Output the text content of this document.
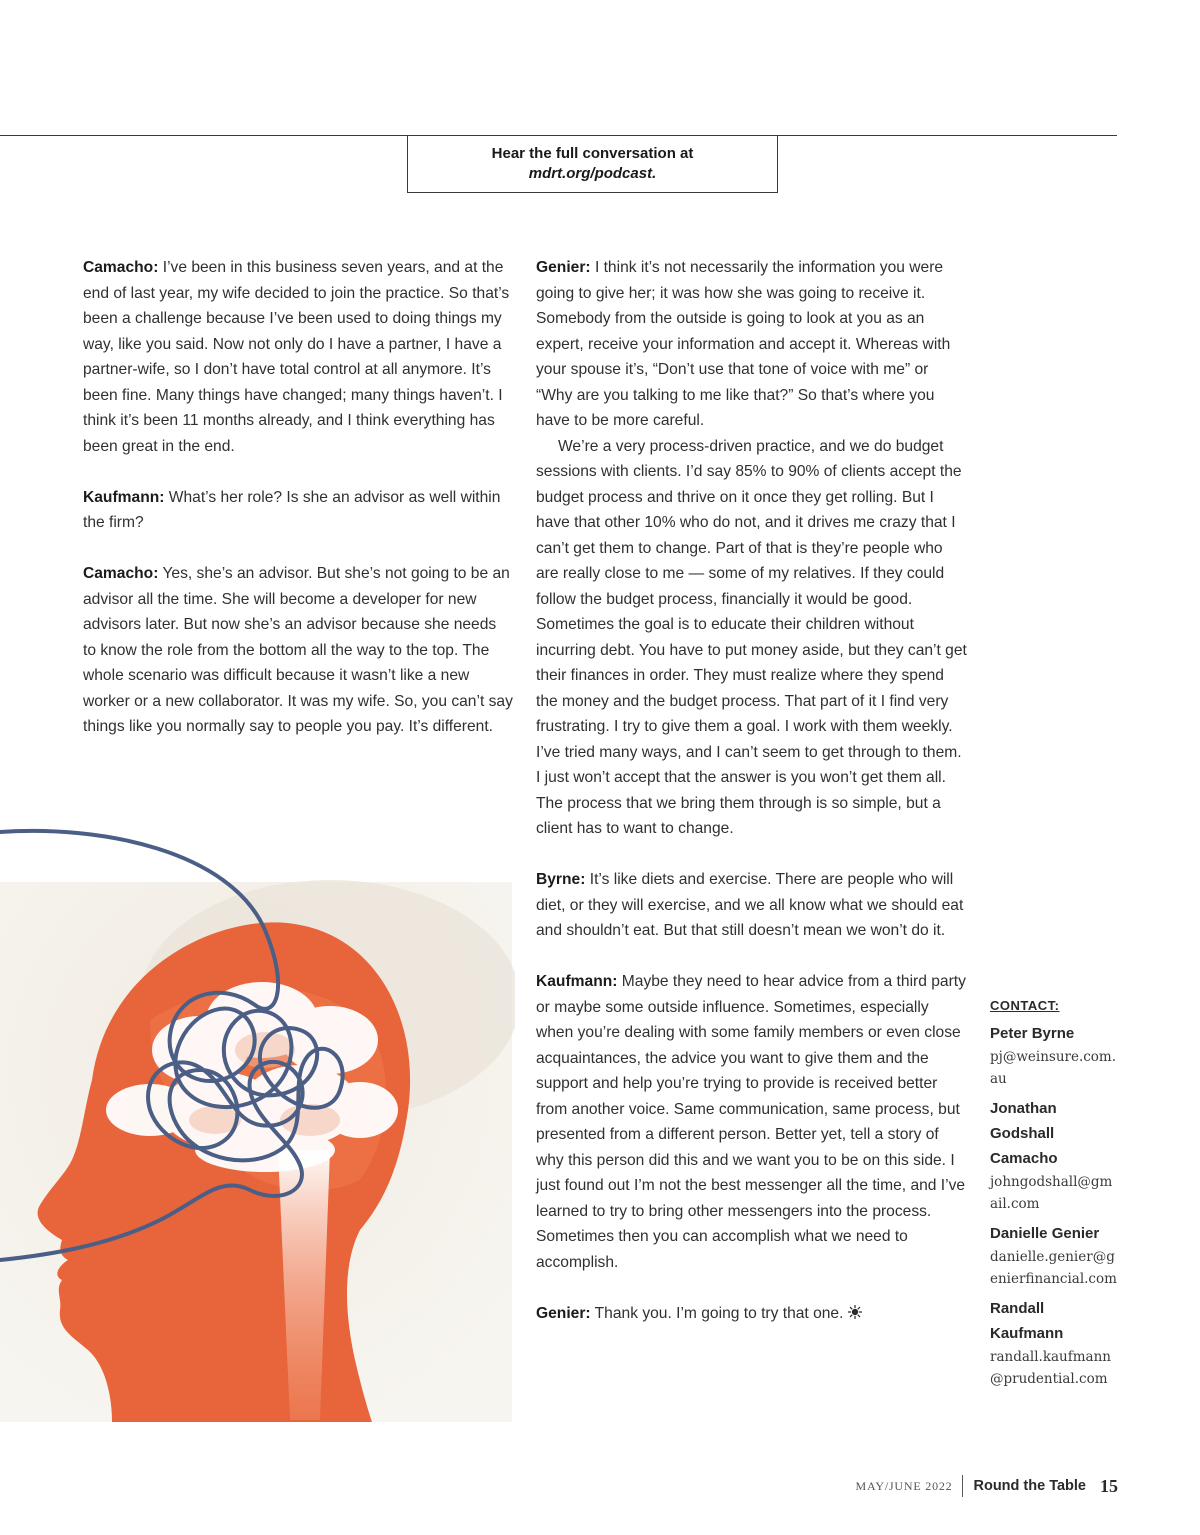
Hear the full conversation at
mdrt.org/podcast.

Camacho: I’ve been in this business seven years, and at the end of last year, my wife decided to join the practice. So that’s been a challenge because I’ve been used to doing things my way, like you said. Now not only do I have a partner, I have a partner-wife, so I don’t have total control at all anymore. It’s been fine. Many things have changed; many things haven’t. I think it’s been 11 months already, and I think everything has been great in the end.

Kaufmann: What’s her role? Is she an advisor as well within the firm?

Camacho: Yes, she’s an advisor. But she’s not going to be an advisor all the time. She will become a developer for new advisors later. But now she’s an advisor because she needs to know the role from the bottom all the way to the top. The whole scenario was difficult because it wasn’t like a new worker or a new collaborator. It was my wife. So, you can’t say things like you normally say to people you pay. It’s different.

Genier: I think it’s not necessarily the information you were going to give her; it was how she was going to receive it. Somebody from the outside is going to look at you as an expert, receive your information and accept it. Whereas with your spouse it’s, “Don’t use that tone of voice with me” or “Why are you talking to me like that?” So that’s where you have to be more careful.

We’re a very process-driven practice, and we do budget sessions with clients. I’d say 85% to 90% of clients accept the budget process and thrive on it once they get rolling. But I have that other 10% who do not, and it drives me crazy that I can’t get them to change. Part of that is they’re people who are really close to me — some of my relatives. If they could follow the budget process, financially it would be good. Sometimes the goal is to educate their children without incurring debt. You have to put money aside, but they can’t get their finances in order. They must realize where they spend the money and the budget process. That part of it I find very frustrating. I try to give them a goal. I work with them weekly. I’ve tried many ways, and I can’t seem to get through to them. I just won’t accept that the answer is you won’t get them all. The process that we bring them through is so simple, but a client has to want to change.

Byrne: It’s like diets and exercise. There are people who will diet, or they will exercise, and we all know what we should eat and shouldn’t eat. But that still doesn’t mean we won’t do it.

Kaufmann: Maybe they need to hear advice from a third party or maybe some outside influence. Sometimes, especially when you’re dealing with some family members or even close acquaintances, the advice you want to give them and the support and help you’re trying to provide is received better from another voice. Same communication, same process, but presented from a different person. Better yet, tell a story of why this person did this and we want you to be on this side. I just found out I’m not the best messenger all the time, and I’ve learned to try to bring other messengers into the process. Sometimes then you can accomplish what we need to accomplish.

Genier: Thank you. I’m going to try that one.

CONTACT:
Peter Byrne
pj@weinsure.com.au
Jonathan Godshall Camacho
johngodshall@gmail.com
Danielle Genier
danielle.genier@genierfinancial.com
Randall Kaufmann
randall.kaufmann@prudential.com
MAY/JUNE 2022 Round the Table 15
